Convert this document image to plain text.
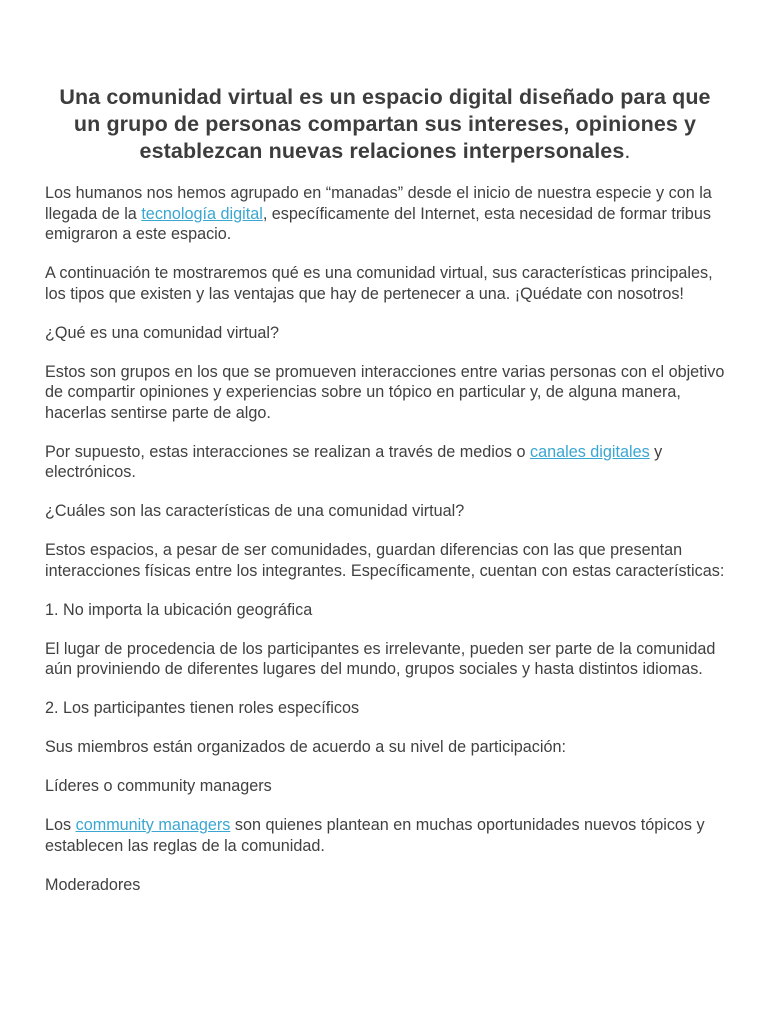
Una comunidad virtual es un espacio digital diseñado para que un grupo de personas compartan sus intereses, opiniones y establezcan nuevas relaciones interpersonales.

Los humanos nos hemos agrupado en “manadas” desde el inicio de nuestra especie y con la llegada de la tecnología digital, específicamente del Internet, esta necesidad de formar tribus emigraron a este espacio.

A continuación te mostraremos qué es una comunidad virtual, sus características principales, los tipos que existen y las ventajas que hay de pertenecer a una. ¡Quédate con nosotros!

¿Qué es una comunidad virtual?

Estos son grupos en los que se promueven interacciones entre varias personas con el objetivo de compartir opiniones y experiencias sobre un tópico en particular y, de alguna manera, hacerlas sentirse parte de algo.

Por supuesto, estas interacciones se realizan a través de medios o canales digitales y electrónicos.

¿Cuáles son las características de una comunidad virtual?

Estos espacios, a pesar de ser comunidades, guardan diferencias con las que presentan interacciones físicas entre los integrantes. Específicamente, cuentan con estas características:

1. No importa la ubicación geográfica

El lugar de procedencia de los participantes es irrelevante, pueden ser parte de la comunidad aún proviniendo de diferentes lugares del mundo, grupos sociales y hasta distintos idiomas.

2. Los participantes tienen roles específicos

Sus miembros están organizados de acuerdo a su nivel de participación:

Líderes o community managers

Los community managers son quienes plantean en muchas oportunidades nuevos tópicos y establecen las reglas de la comunidad.

Moderadores
